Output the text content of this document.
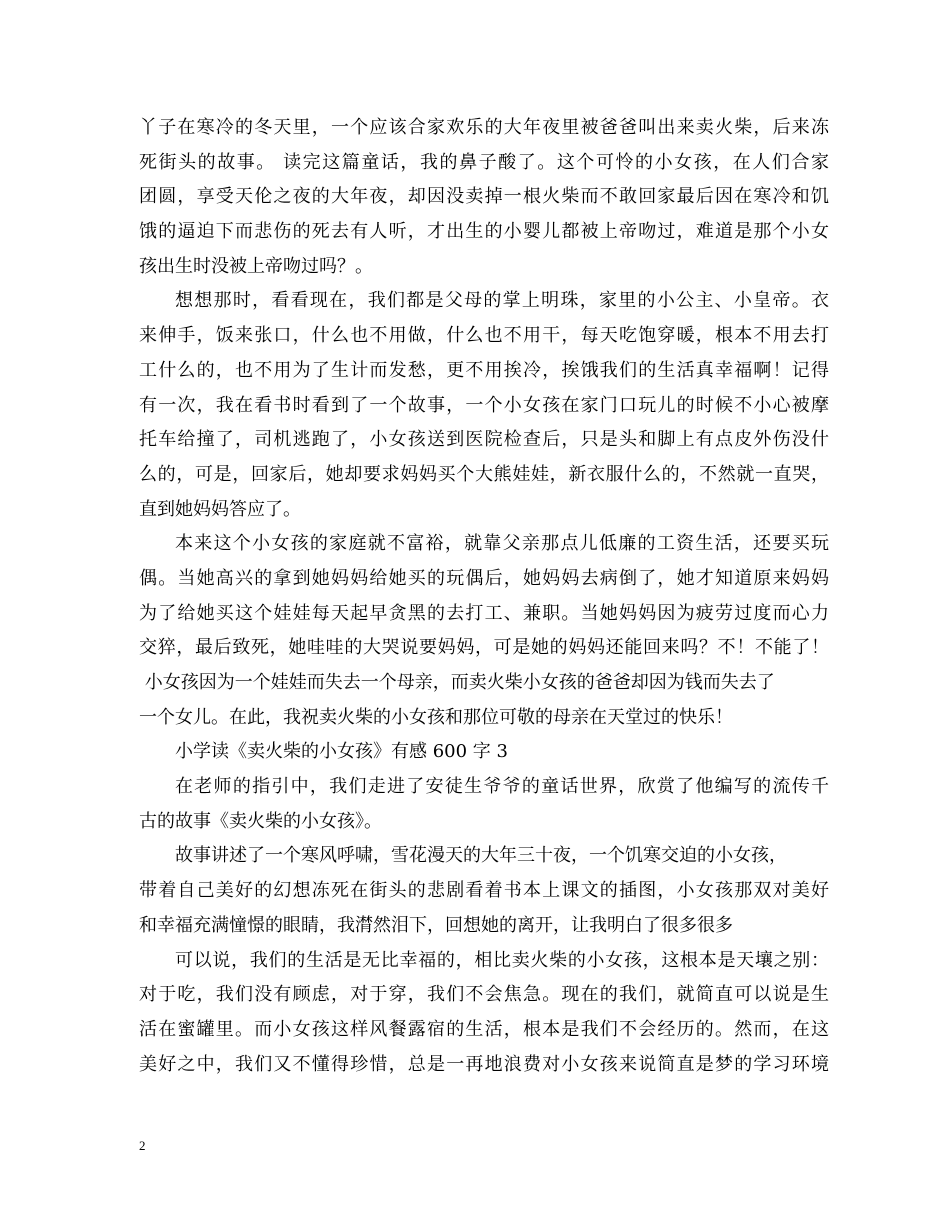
丫子在寒冷的冬天里，一个应该合家欢乐的大年夜里被爸爸叫出来卖火柴，后来冻
死街头的故事。 读完这篇童话，我的鼻子酸了。这个可怜的小女孩，在人们合家
团圆，享受天伦之夜的大年夜，却因没卖掉一根火柴而不敢回家最后因在寒冷和饥
饿的逼迫下而悲伤的死去有人听，才出生的小婴儿都被上帝吻过，难道是那个小女
孩出生时没被上帝吻过吗？。
想想那时，看看现在，我们都是父母的掌上明珠，家里的小公主、小皇帝。衣
来伸手，饭来张口，什么也不用做，什么也不用干，每天吃饱穿暖，根本不用去打
工什么的，也不用为了生计而发愁，更不用挨冷，挨饿我们的生活真幸福啊！记得
有一次，我在看书时看到了一个故事，一个小女孩在家门口玩儿的时候不小心被摩
托车给撞了，司机逃跑了，小女孩送到医院检查后，只是头和脚上有点皮外伤没什
么的，可是，回家后，她却要求妈妈买个大熊娃娃，新衣服什么的，不然就一直哭，
直到她妈妈答应了。
本来这个小女孩的家庭就不富裕，就靠父亲那点儿低廉的工资生活，还要买玩
偶。当她高兴的拿到她妈妈给她买的玩偶后，她妈妈去病倒了，她才知道原来妈妈
为了给她买这个娃娃每天起早贪黑的去打工、兼职。当她妈妈因为疲劳过度而心力
交猝，最后致死，她哇哇的大哭说要妈妈，可是她的妈妈还能回来吗？不！不能了！
小女孩因为一个娃娃而失去一个母亲，而卖火柴小女孩的爸爸却因为钱而失去了
一个女儿。在此，我祝卖火柴的小女孩和那位可敬的母亲在天堂过的快乐！
小学读《卖火柴的小女孩》有感 600 字 3
在老师的指引中，我们走进了安徒生爷爷的童话世界，欣赏了他编写的流传千
古的故事《卖火柴的小女孩》。
故事讲述了一个寒风呼啸，雪花漫天的大年三十夜，一个饥寒交迫的小女孩，
带着自己美好的幻想冻死在街头的悲剧看着书本上课文的插图，小女孩那双对美好
和幸福充满憧憬的眼睛，我潸然泪下，回想她的离开，让我明白了很多很多
可以说，我们的生活是无比幸福的，相比卖火柴的小女孩，这根本是天壤之别：
对于吃，我们没有顾虑，对于穿，我们不会焦急。现在的我们，就简直可以说是生
活在蜜罐里。而小女孩这样风餐露宿的生活，根本是我们不会经历的。然而，在这
美好之中，我们又不懂得珍惜，总是一再地浪费对小女孩来说简直是梦的学习环境
2
